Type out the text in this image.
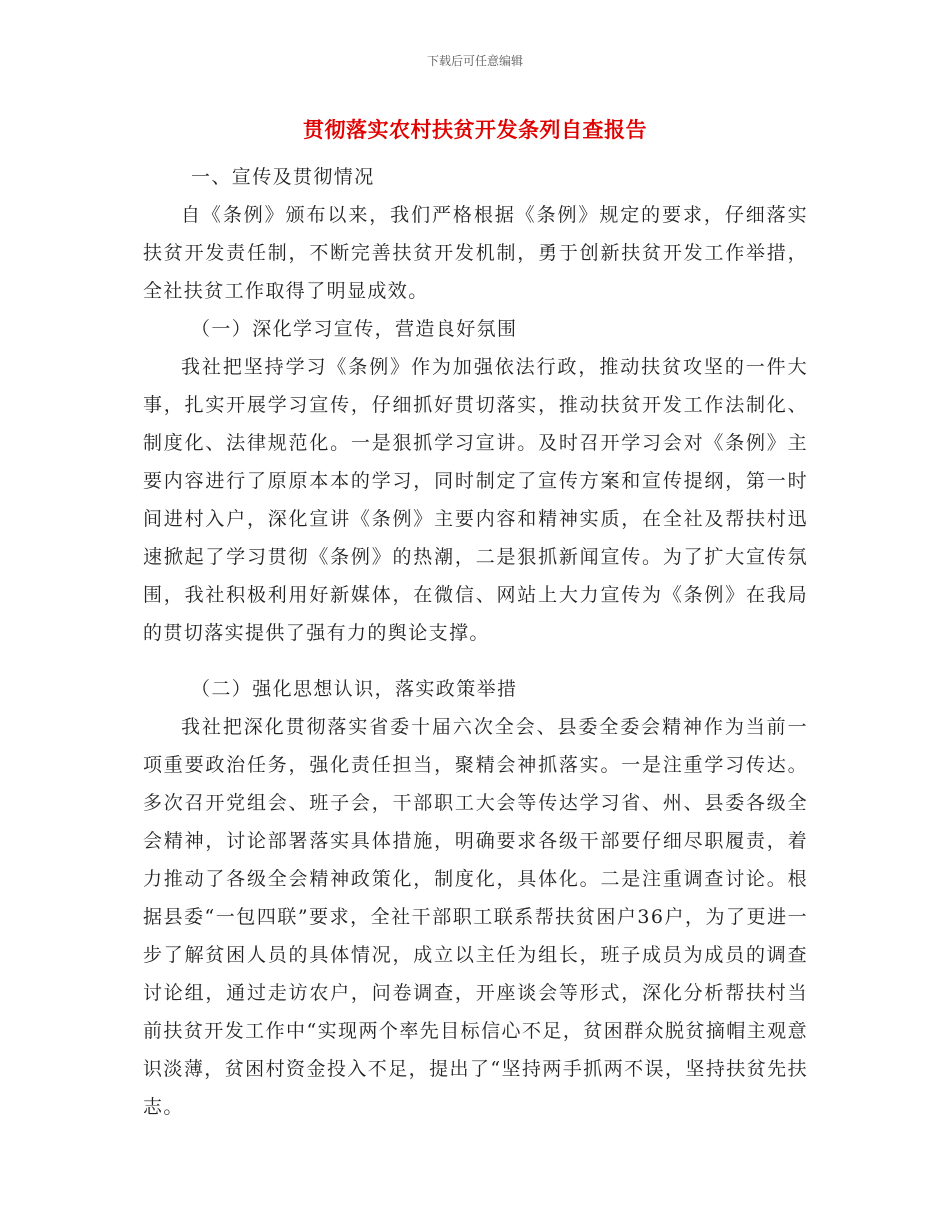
下载后可任意编辑
贯彻落实农村扶贫开发条列自查报告

一、宣传及贯彻情况

自《条例》颁布以来，我们严格根据《条例》规定的要求，仔细落实扶贫开发责任制，不断完善扶贫开发机制，勇于创新扶贫开发工作举措，全社扶贫工作取得了明显成效。

（一）深化学习宣传，营造良好氛围

我社把坚持学习《条例》作为加强依法行政，推动扶贫攻坚的一件大事，扎实开展学习宣传，仔细抓好贯切落实，推动扶贫开发工作法制化、制度化、法律规范化。一是狠抓学习宣讲。及时召开学习会对《条例》主要内容进行了原原本本的学习，同时制定了宣传方案和宣传提纲，第一时间进村入户，深化宣讲《条例》主要内容和精神实质，在全社及帮扶村迅速掀起了学习贯彻《条例》的热潮，二是狠抓新闻宣传。为了扩大宣传氛围，我社积极利用好新媒体，在微信、网站上大力宣传为《条例》在我局的贯切落实提供了强有力的舆论支撑。

（二）强化思想认识，落实政策举措

我社把深化贯彻落实省委十届六次全会、县委全委会精神作为当前一项重要政治任务，强化责任担当，聚精会神抓落实。一是注重学习传达。多次召开党组会、班子会，干部职工大会等传达学习省、州、县委各级全会精神，讨论部署落实具体措施，明确要求各级干部要仔细尽职履责，着力推动了各级全会精神政策化，制度化，具体化。二是注重调查讨论。根据县委“一包四联”要求，全社干部职工联系帮扶贫困户36户，为了更进一步了解贫困人员的具体情况，成立以主任为组长，班子成员为成员的调查讨论组，通过走访农户，问卷调查，开座谈会等形式，深化分析帮扶村当前扶贫开发工作中“实现两个率先目标信心不足，贫困群众脱贫摘帽主观意识淡薄，贫困村资金投入不足，提出了“坚持两手抓两不误，坚持扶贫先扶志。
